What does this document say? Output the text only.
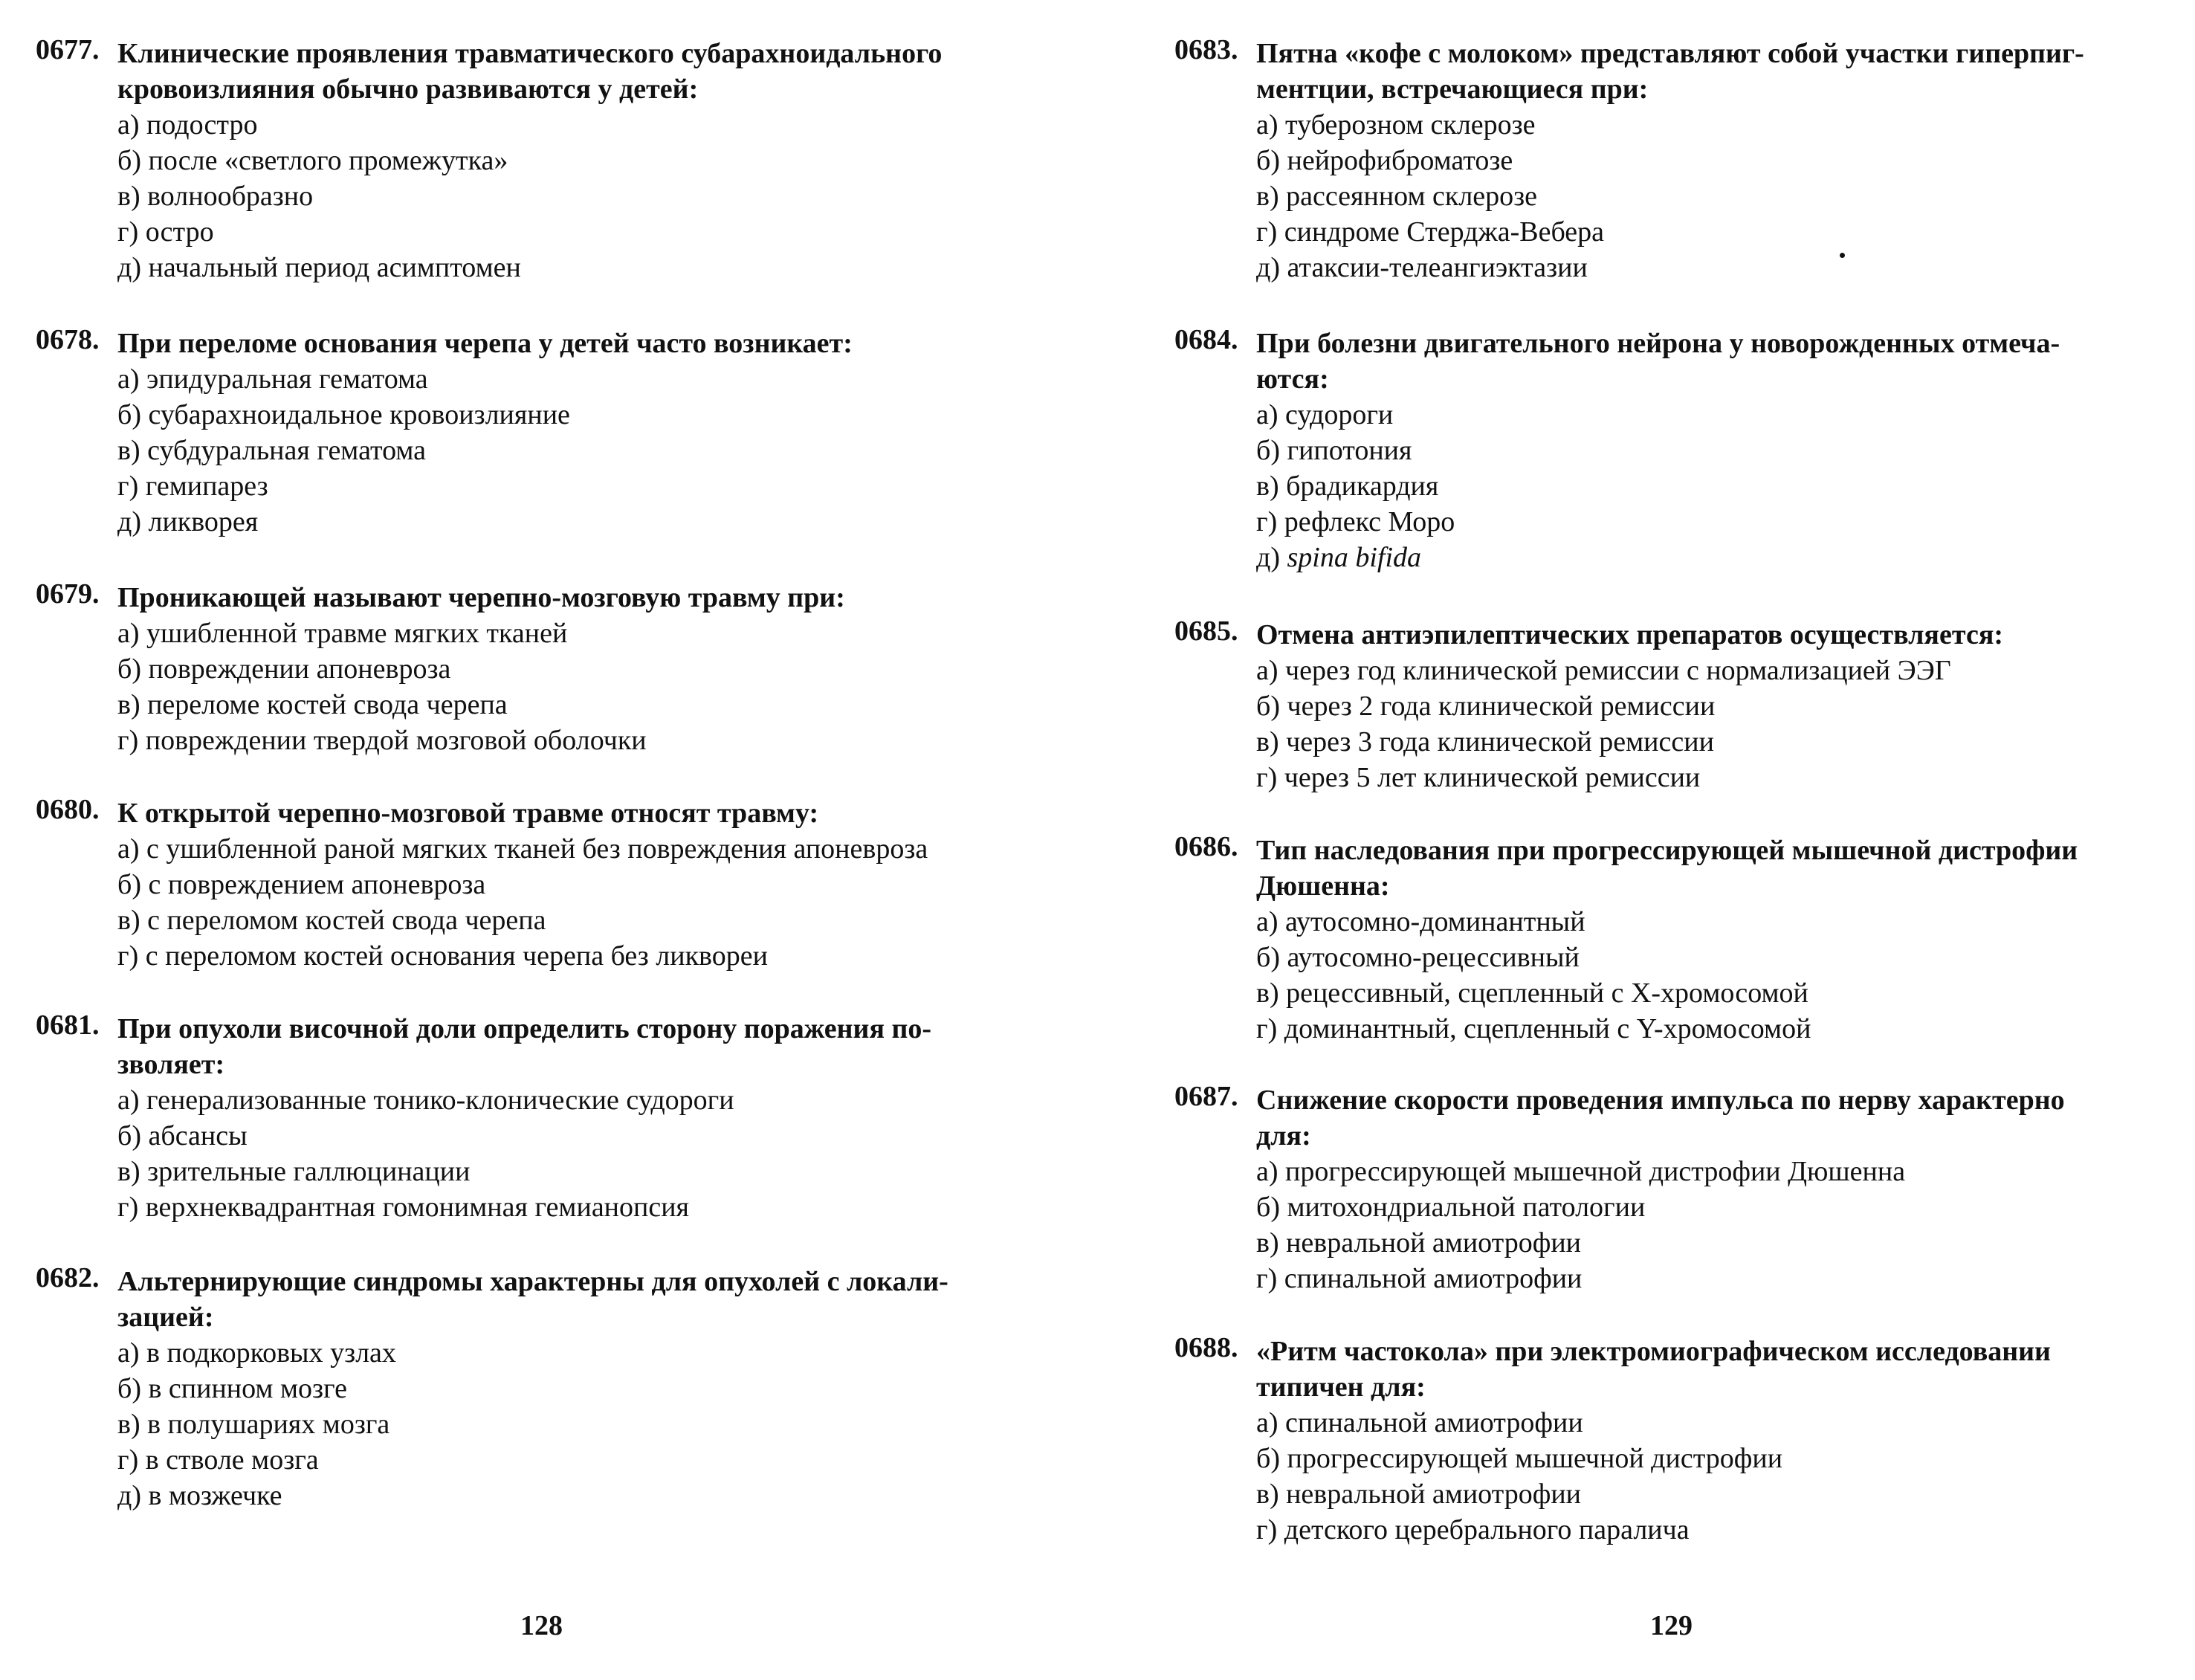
0677. Клинические проявления травматического субарахноидального
кровоизлияния обычно развиваются у детей:
а) подостро
б) после «светлого промежутка»
в) волнообразно
г) остро
д) начальный период асимптомен
0678. При переломе основания черепа у детей часто возникает:
а) эпидуральная гематома
б) субарахноидальное кровоизлияние
в) субдуральная гематома
г) гемипарез
д) ликворея
0679. Проникающей называют черепно-мозговую травму при:
а) ушибленной травме мягких тканей
б) повреждении апоневроза
в) переломе костей свода черепа
г) повреждении твердой мозговой оболочки
0680. К открытой черепно-мозговой травме относят травму:
а) с ушибленной раной мягких тканей без повреждения апоневроза
б) с повреждением апоневроза
в) с переломом костей свода черепа
г) с переломом костей основания черепа без ликвореи
0681. При опухоли височной доли определить сторону поражения по-
зволяет:
а) генерализованные тонико-клонические судороги
б) абсансы
в) зрительные галлюцинации
г) верхнеквадрантная гомонимная гемианопсия
0682. Альтернирующие синдромы характерны для опухолей с локали-
зацией:
а) в подкорковых узлах
б) в спинном мозге
в) в полушариях мозга
г) в стволе мозга
д) в мозжечке
128
0683. Пятна «кофе с молоком» представляют собой участки гиперпиг-
ментции, встречающиеся при:
а) туберозном склерозе
б) нейрофиброматозе
в) рассеянном склерозе
г) синдроме Стерджа-Вебера
д) атаксии-телеангиэктазии
0684. При болезни двигательного нейрона у новорожденных отмеча-
ются:
а) судороги
б) гипотония
в) брадикардия
г) рефлекс Моро
д) spina bifida
0685. Отмена антиэпилептических препаратов осуществляется:
а) через год клинической ремиссии с нормализацией ЭЭГ
б) через 2 года клинической ремиссии
в) через 3 года клинической ремиссии
г) через 5 лет клинической ремиссии
0686. Тип наследования при прогрессирующей мышечной дистрофии
Дюшенна:
а) аутосомно-доминантный
б) аутосомно-рецессивный
в) рецессивный, сцепленный с Х-хромосомой
г) доминантный, сцепленный с Y-хромосомой
0687. Снижение скорости проведения импульса по нерву характерно
для:
а) прогрессирующей мышечной дистрофии Дюшенна
б) митохондриальной патологии
в) невральной амиотрофии
г) спинальной амиотрофии
0688. «Ритм частокола» при электромиографическом исследовании
типичен для:
а) спинальной амиотрофии
б) прогрессирующей мышечной дистрофии
в) невральной амиотрофии
г) детского церебрального паралича
129
